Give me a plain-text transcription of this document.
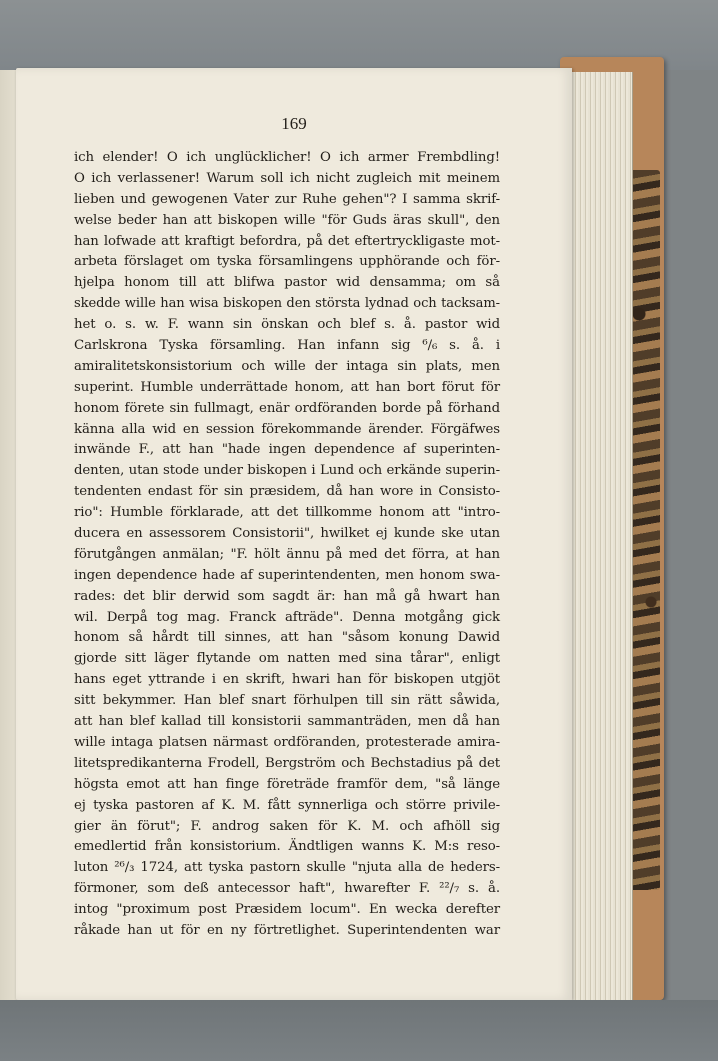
169
ich elender! O ich unglücklicher! O ich armer Frembdling!
O ich verlassener! Warum soll ich nicht zugleich mit meinem
lieben und gewogenen Vater zur Ruhe gehen"? I samma skrif-
welse beder han att biskopen wille "för Guds äras skull", den
han lofwade att kraftigt befordra, på det eftertryckligaste mot-
arbeta förslaget om tyska församlingens upphörande och för-
hjelpa honom till att blifwa pastor wid densamma; om så
skedde wille han wisa biskopen den största lydnad och tacksam-
het o. s. w. F. wann sin önskan och blef s. å. pastor wid
Carlskrona Tyska församling. Han infann sig ⁶/₆ s. å. i
amiralitetskonsistorium och wille der intaga sin plats, men
superint. Humble underrättade honom, att han bort förut för
honom förete sin fullmagt, enär ordföranden borde på förhand
känna alla wid en session förekommande ärender. Förgäfwes
inwände F., att han "hade ingen dependence af superinten-
denten, utan stode under biskopen i Lund och erkände superin-
tendenten endast för sin præsidem, då han wore in Consisto-
rio": Humble förklarade, att det tillkomme honom att "intro-
ducera en assessorem Consistorii", hwilket ej kunde ske utan
förutgången anmälan; "F. hölt ännu på med det förra, at han
ingen dependence hade af superintendenten, men honom swa-
rades: det blir derwid som sagdt är: han må gå hwart han
wil. Derpå tog mag. Franck afträde". Denna motgång gick
honom så hårdt till sinnes, att han "såsom konung Dawid
gjorde sitt läger flytande om natten med sina tårar", enligt
hans eget yttrande i en skrift, hwari han för biskopen utgjöt
sitt bekymmer. Han blef snart förhulpen till sin rätt såwida,
att han blef kallad till konsistorii sammanträden, men då han
wille intaga platsen närmast ordföranden, protesterade amira-
litetspredikanterna Frodell, Bergström och Bechstadius på det
högsta emot att han finge företräde framför dem, "så länge
ej tyska pastoren af K. M. fått synnerliga och större privile-
gier än förut"; F. androg saken för K. M. och afhöll sig
emedlertid från konsistorium. Ändtligen wanns K. M:s reso-
luton ²⁶/₃ 1724, att tyska pastorn skulle "njuta alla de heders-
förmoner, som deß antecessor haft", hwarefter F. ²²/₇ s. å.
intog "proximum post Præsidem locum". En wecka derefter
råkade han ut för en ny förtretlighet. Superintendenten war
